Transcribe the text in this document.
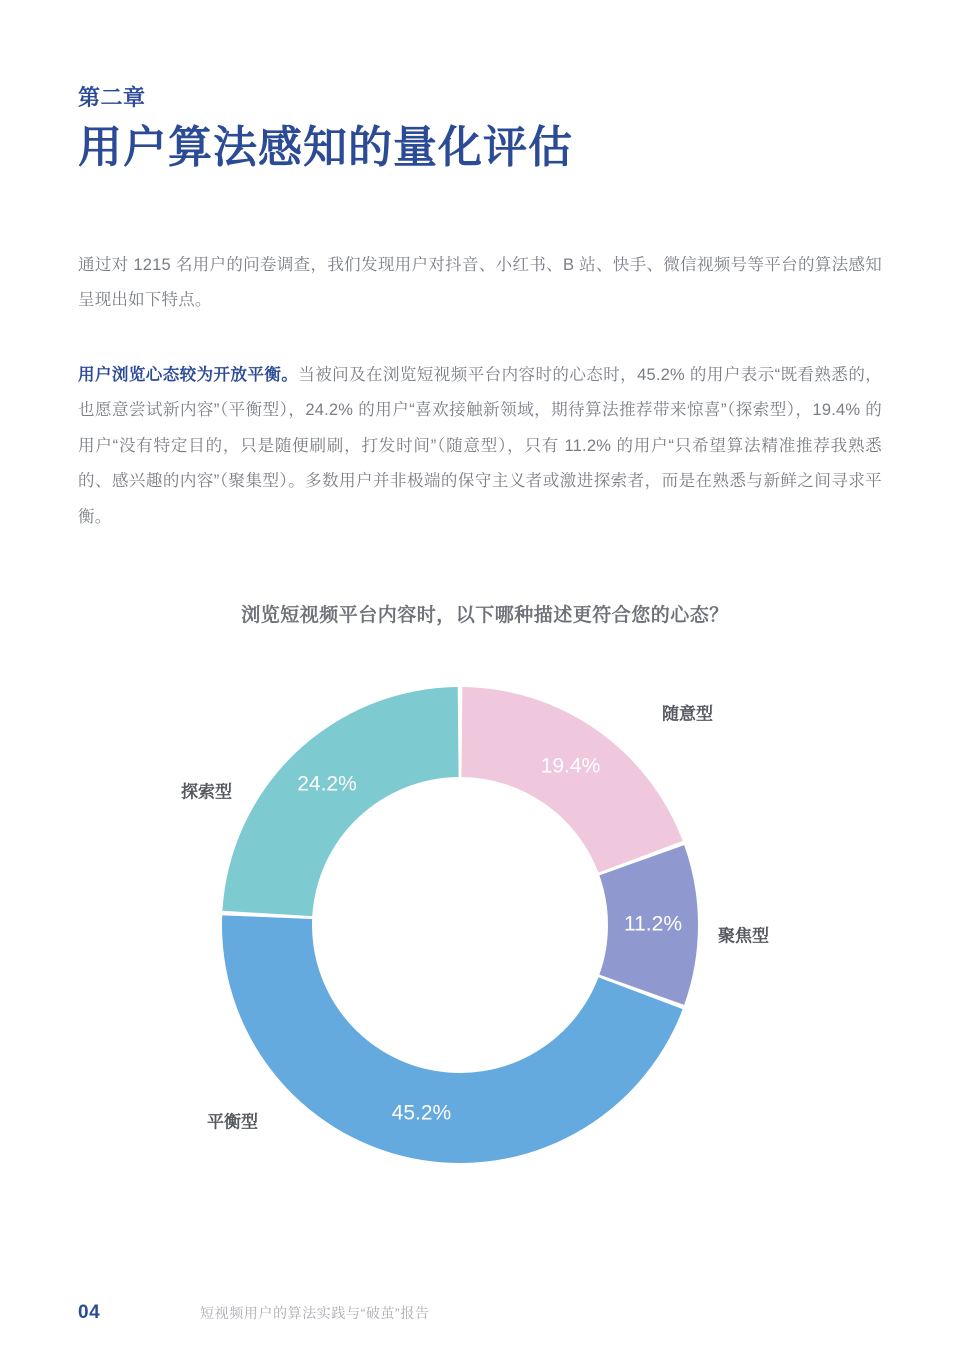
第二章
用户算法感知的量化评估

通过对 1215 名用户的问卷调查，我们发现用户对抖音、小红书、B 站、快手、微信视频号等平台的算法感知呈现出如下特点。

用户浏览心态较为开放平衡。当被问及在浏览短视频平台内容时的心态时，45.2% 的用户表示“既看熟悉的，也愿意尝试新内容”（平衡型），24.2% 的用户“喜欢接触新领域，期待算法推荐带来惊喜”（探索型），19.4% 的用户“没有特定目的，只是随便刷刷，打发时间”（随意型），只有 11.2% 的用户“只希望算法精准推荐我熟悉的、感兴趣的内容”（聚集型）。多数用户并非极端的保守主义者或激进探索者，而是在熟悉与新鲜之间寻求平衡。

浏览短视频平台内容时，以下哪种描述更符合您的心态？
19.4%
11.2%
45.2%
24.2%
随意型
聚焦型
平衡型
探索型
04	短视频用户的算法实践与“破茧”报告
